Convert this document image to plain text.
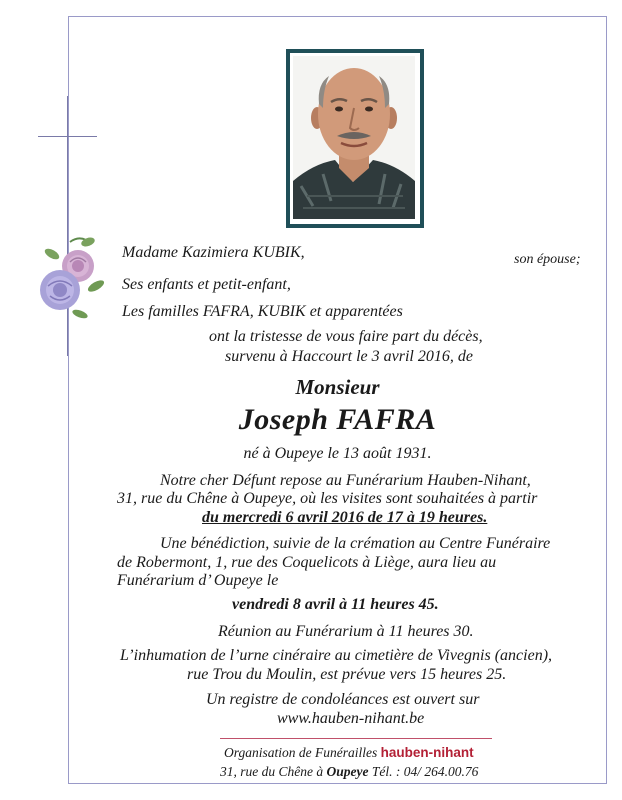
Madame Kazimiera KUBIK,	son épouse;
Ses enfants et petit-enfant,
Les familles FAFRA, KUBIK et apparentées
ont la tristesse de vous faire part du décès,
survenu à Haccourt le 3 avril 2016, de
Monsieur
Joseph FAFRA
né à Oupeye le 13 août 1931.
Notre cher Défunt repose au Funérarium Hauben-Nihant,
31, rue du Chêne à Oupeye, où les visites sont souhaitées à partir
du mercredi 6 avril 2016 de 17 à 19 heures.
Une bénédiction, suivie de la crémation au Centre Funéraire
de Robermont, 1, rue des Coquelicots à Liège, aura lieu au
Funérarium d’ Oupeye le
vendredi 8 avril à 11 heures 45.
Réunion au Funérarium à 11 heures 30.
L’inhumation de l’urne cinéraire au cimetière de Vivegnis (ancien),
rue Trou du Moulin, est prévue vers 15 heures 25.
Un registre de condoléances est ouvert sur
www.hauben-nihant.be
Organisation de Funérailles hauben-nihant
31, rue du Chêne à Oupeye Tél. : 04/ 264.00.76
